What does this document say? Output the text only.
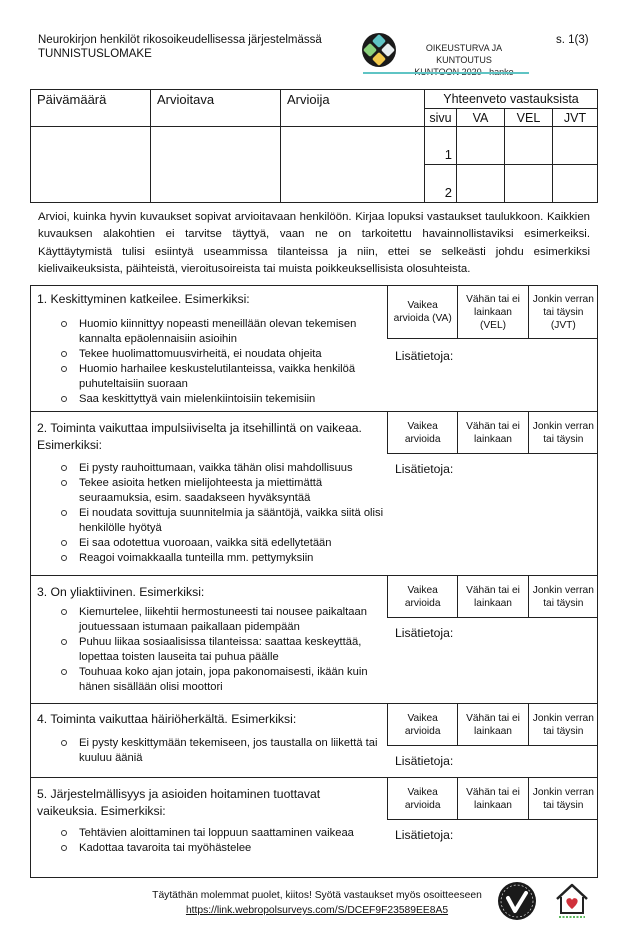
Neurokirjon henkilöt rikosoikeudellisessa järjestelmässä
TUNNISTUSLOMAKE	OIKEUSTURVA JA KUNTOUTUS
s. 1(3)
Päivämäärä	Arvioitava	Arvioija	Yhteenveto vastauksista			
			sivu	VA	VEL	JVT
			1			
			2			
Arvioi, kuinka hyvin kuvaukset sopivat arvioitavaan henkilöön. Kirjaa lopuksi vastaukset taulukkoon. Kaikkien kuvauksen alakohtien ei tarvitse täyttyä, vaan ne on tarkoitettu havainnollistaviksi esimerkeiksi. Käyttäytymistä tulisi esiintyä useammissa tilanteissa ja niin, ettei se selkeästi johdu esimerkiksi kielivaikeuksista, päihteistä, vieroitusoireista tai muista poikkeuksellisista olosuhteista.
1. Keskittyminen katkeilee. Esimerkiksi:
Huomio kiinnittyy nopeasti meneillään olevan tekemisen kannalta epäolennaisiin asioihin
Tekee huolimattomuusvirheitä, ei noudata ohjeita
Huomio harhailee keskustelutilanteissa, vaikka henkilöä puhuteltaisiin suoraan
Saa keskittyttyä vain mielenkiintoisiin tekemisiin
Vaikea arvioida (VA)
Vähän tai ei lainkaan (VEL)
Jonkin verran tai täysin (JVT)
Lisätietoja:
2. Toiminta vaikuttaa impulsiiviselta ja itsehillintä on vaikeaa. Esimerkiksi:
Ei pysty rauhoittumaan, vaikka tähän olisi mahdollisuus
Tekee asioita hetken mielijohteesta ja miettimättä seuraamuksia, esim. saadakseen hyväksyntää
Ei noudata sovittuja suunnitelmia ja sääntöjä, vaikka siitä olisi henkilölle hyötyä
Ei saa odotettua vuoroaan, vaikka sitä edellytetään
Reagoi voimakkaalla tunteilla mm. pettymyksiin
Vaikea arvioida
Vähän tai ei lainkaan
Jonkin verran tai täysin
Lisätietoja:
3. On yliaktiivinen. Esimerkiksi:
Kiemurtelee, liikehtii hermostuneesti tai nousee paikaltaan joutuessaan istumaan paikallaan pidempään
Puhuu liikaa sosiaalisissa tilanteissa: saattaa keskeyttää, lopettaa toisten lauseita tai puhua päälle
Touhuaa koko ajan jotain, jopa pakonomaisesti, ikään kuin hänen sisällään olisi moottori
Vaikea arvioida
Vähän tai ei lainkaan
Jonkin verran tai täysin
Lisätietoja:
4. Toiminta vaikuttaa häiriöherkältä. Esimerkiksi:
Ei pysty keskittymään tekemiseen, jos taustalla on liikettä tai kuuluu ääniä
Vaikea arvioida
Vähän tai ei lainkaan
Jonkin verran tai täysin
Lisätietoja:
5. Järjestelmällisyys ja asioiden hoitaminen tuottavat vaikeuksia. Esimerkiksi:
Tehtävien aloittaminen tai loppuun saattaminen vaikeaa
Kadottaa tavaroita tai myöhästelee
Vaikea arvioida
Vähän tai ei lainkaan
Jonkin verran tai täysin
Lisätietoja:
Täytäthän molemmat puolet, kiitos! Syötä vastaukset myös osoitteeseen
https://link.webropolsurveys.com/S/DCEF9F23589EE8A5
